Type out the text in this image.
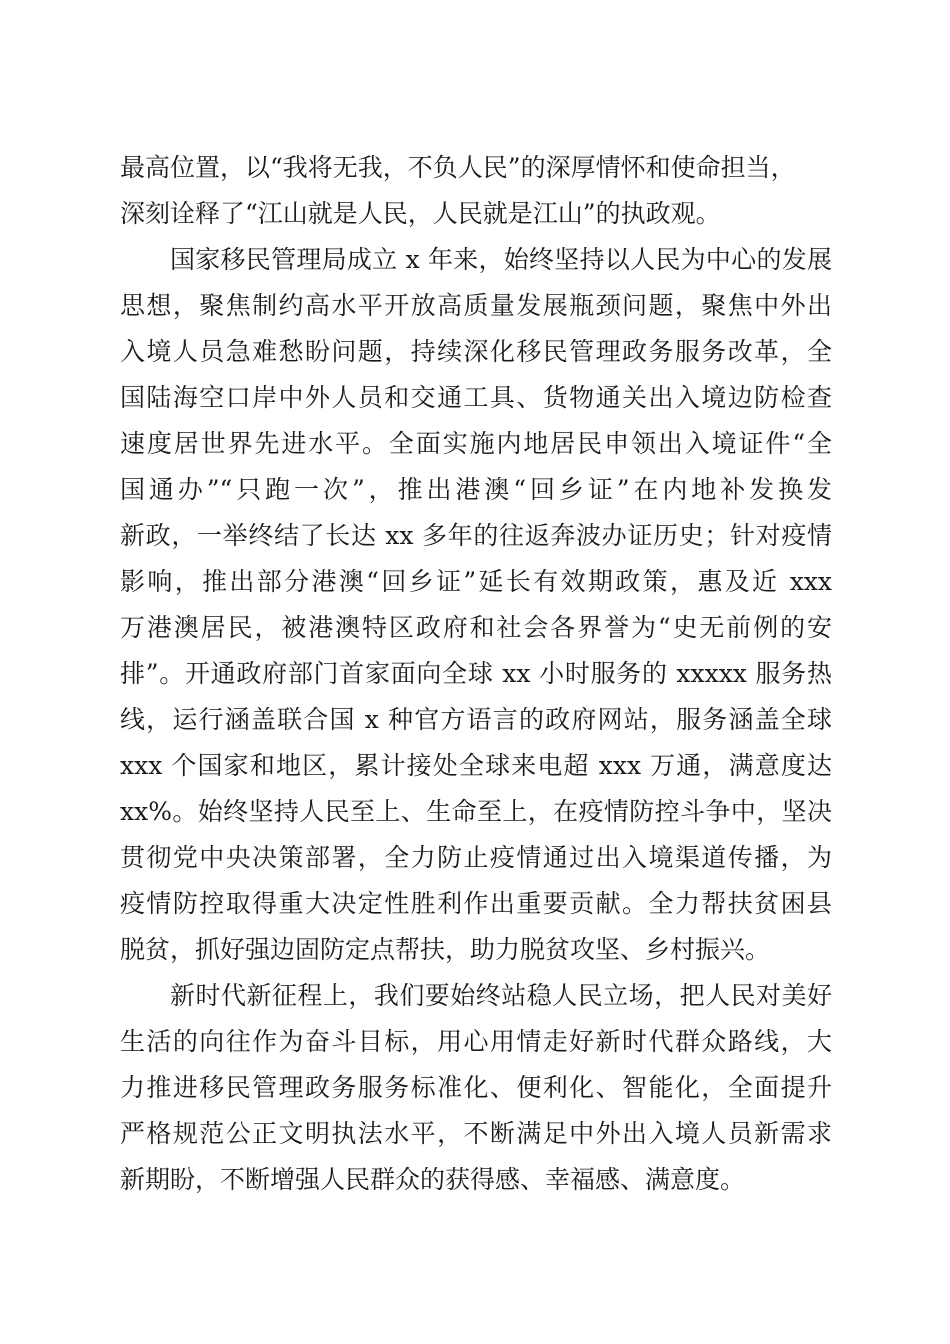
最高位置，以“我将无我，不负人民”的深厚情怀和使命担当，
深刻诠释了“江山就是人民，人民就是江山”的执政观。
国家移民管理局成立 x 年来，始终坚持以人民为中心的发展
思想，聚焦制约高水平开放高质量发展瓶颈问题，聚焦中外出
入境人员急难愁盼问题，持续深化移民管理政务服务改革，全
国陆海空口岸中外人员和交通工具、货物通关出入境边防检查
速度居世界先进水平。全面实施内地居民申领出入境证件“全
国通办”“只跑一次”，推出港澳“回乡证”在内地补发换发
新政，一举终结了长达 xx 多年的往返奔波办证历史；针对疫情
影响，推出部分港澳“回乡证”延长有效期政策，惠及近 xxx
万港澳居民，被港澳特区政府和社会各界誉为“史无前例的安
排”。开通政府部门首家面向全球 xx 小时服务的 xxxxx 服务热
线，运行涵盖联合国 x 种官方语言的政府网站，服务涵盖全球
xxx 个国家和地区，累计接处全球来电超 xxx 万通，满意度达
xx%。始终坚持人民至上、生命至上，在疫情防控斗争中，坚决
贯彻党中央决策部署，全力防止疫情通过出入境渠道传播，为
疫情防控取得重大决定性胜利作出重要贡献。全力帮扶贫困县
脱贫，抓好强边固防定点帮扶，助力脱贫攻坚、乡村振兴。
新时代新征程上，我们要始终站稳人民立场，把人民对美好
生活的向往作为奋斗目标，用心用情走好新时代群众路线，大
力推进移民管理政务服务标准化、便利化、智能化，全面提升
严格规范公正文明执法水平，不断满足中外出入境人员新需求
新期盼，不断增强人民群众的获得感、幸福感、满意度。
